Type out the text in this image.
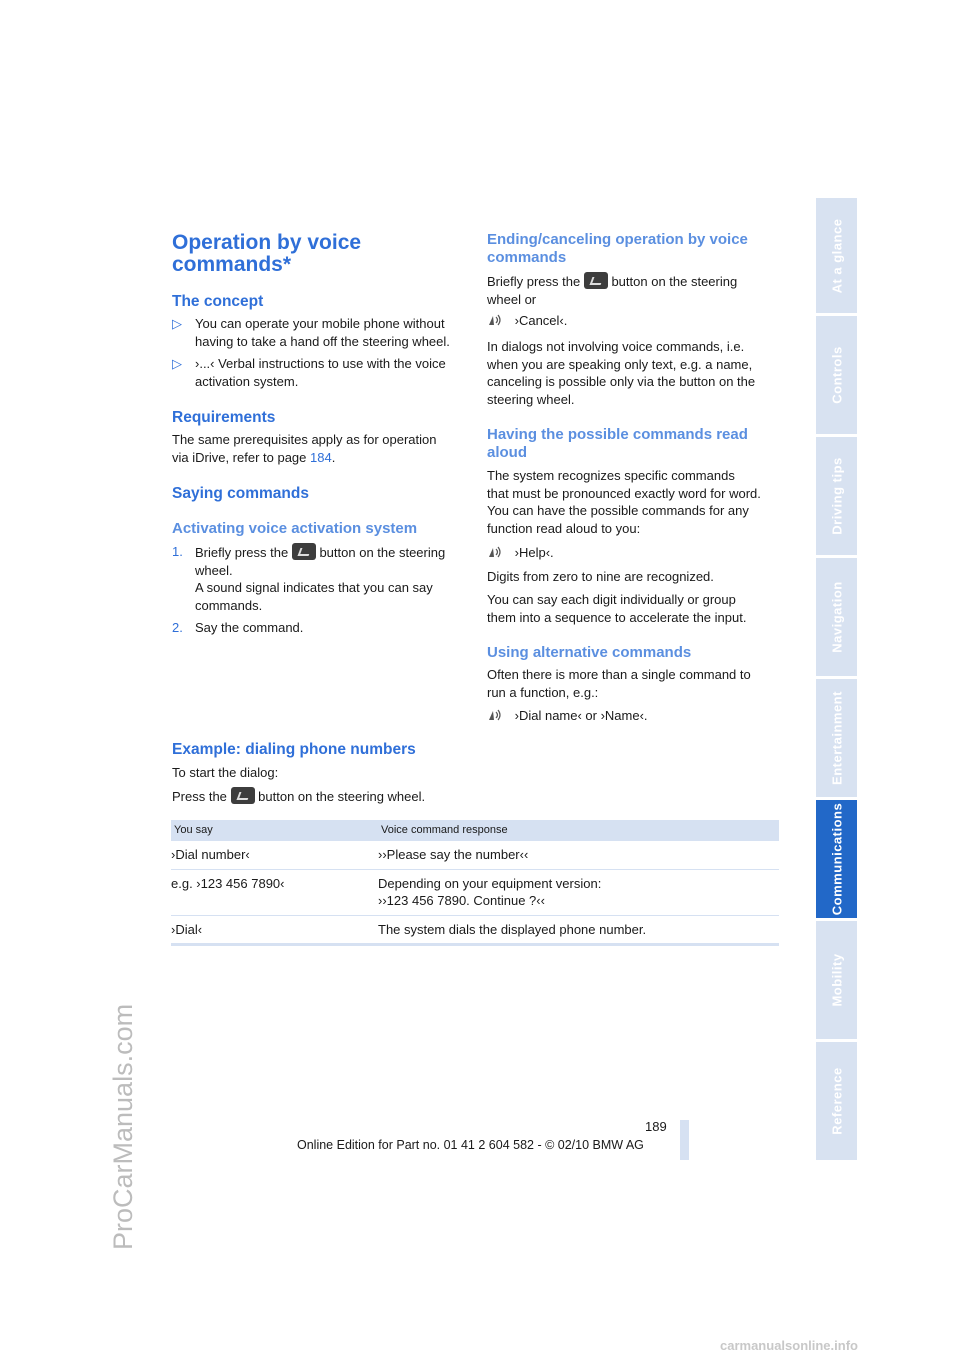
ProCarManuals.com
At a glance
Controls
Driving tips
Navigation
Entertainment
Communications
Mobility
Reference
Operation by voice
commands*
The concept
▷ You can operate your mobile phone without
having to take a hand off the steering wheel.
▷ ›...‹ Verbal instructions to use with the voice
activation system.
Requirements
The same prerequisites apply as for operation
via iDrive, refer to page 184.
Saying commands
Activating voice activation system
1. Briefly press the button on the steering
wheel.
A sound signal indicates that you can say
commands.
2. Say the command.
Example: dialing phone numbers
To start the dialog:
Press the button on the steering wheel.
Ending/canceling operation by voice
commands
Briefly press the button on the steering
wheel or
›Cancel‹.
In dialogs not involving voice commands, i.e.
when you are speaking only text, e.g. a name,
canceling is possible only via the button on the
steering wheel.
Having the possible commands read
aloud
The system recognizes specific commands
that must be pronounced exactly word for word.
You can have the possible commands for any
function read aloud to you:
›Help‹.
Digits from zero to nine are recognized.
You can say each digit individually or group
them into a sequence to accelerate the input.
Using alternative commands
Often there is more than a single command to
run a function, e.g.:
›Dial name‹ or ›Name‹.
You say	Voice command response
›Dial number‹	››Please say the number‹‹

e.g. ›123 456 7890‹	Depending on your equipment version:
››123 456 7890. Continue ?‹‹

›Dial‹	The system dials the displayed phone number.
189
Online Edition for Part no. 01 41 2 604 582 - © 02/10 BMW AG
carmanualsonline.info
